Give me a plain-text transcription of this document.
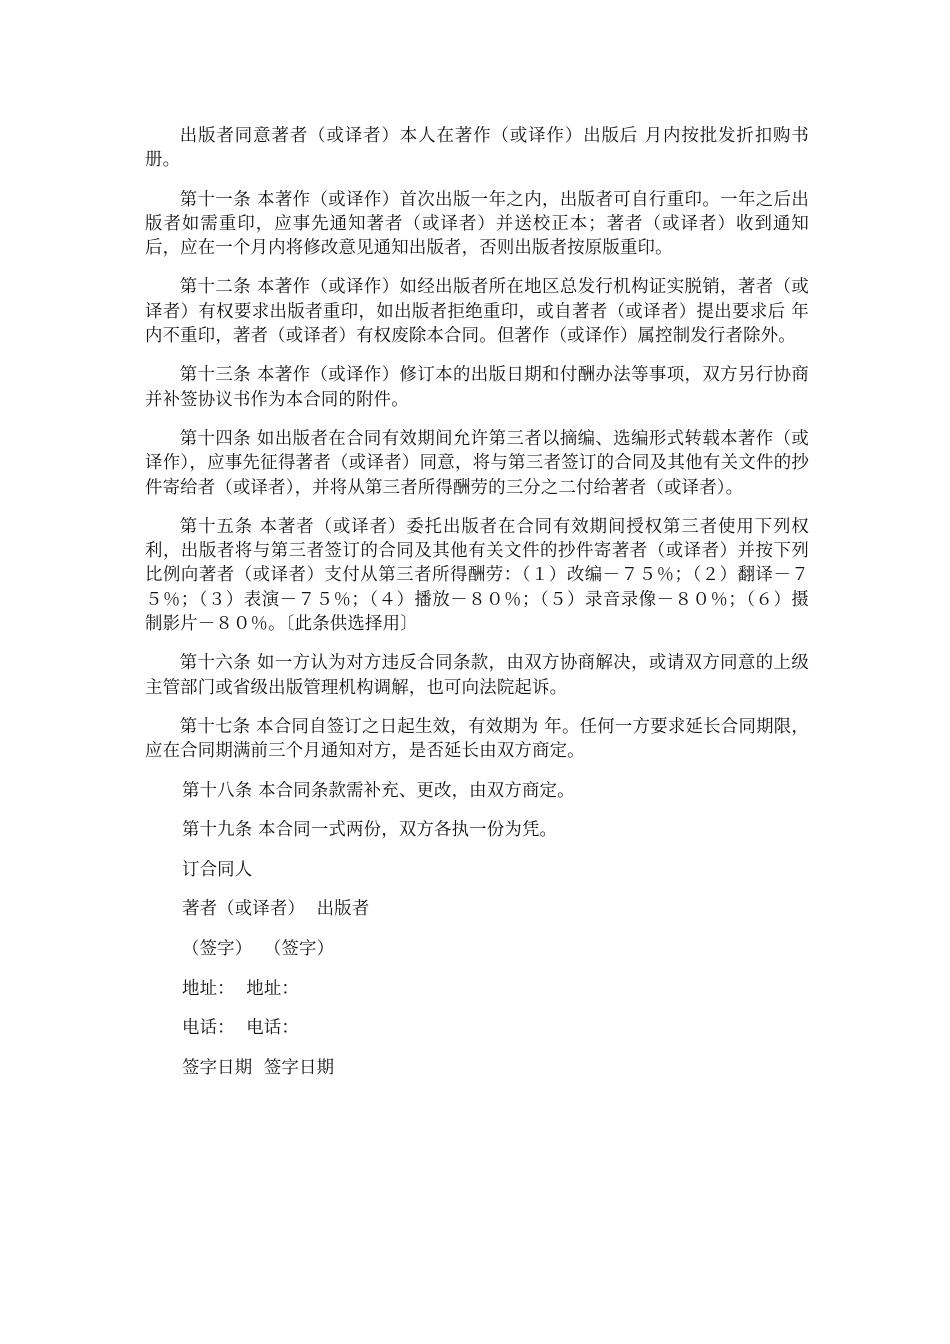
出版者同意著者（或译者）本人在著作（或译作）出版后 月内按批发折扣购书册。

第十一条 本著作（或译作）首次出版一年之内，出版者可自行重印。一年之后出版者如需重印，应事先通知著者（或译者）并送校正本；著者（或译者）收到通知后，应在一个月内将修改意见通知出版者，否则出版者按原版重印。

第十二条 本著作（或译作）如经出版者所在地区总发行机构证实脱销，著者（或译者）有权要求出版者重印，如出版者拒绝重印，或自著者（或译者）提出要求后 年内不重印，著者（或译者）有权废除本合同。但著作（或译作）属控制发行者除外。

第十三条 本著作（或译作）修订本的出版日期和付酬办法等事项，双方另行协商并补签协议书作为本合同的附件。

第十四条 如出版者在合同有效期间允许第三者以摘编、选编形式转载本著作（或译作），应事先征得著者（或译者）同意，将与第三者签订的合同及其他有关文件的抄件寄给者（或译者），并将从第三者所得酬劳的三分之二付给著者（或译者）。

第十五条 本著者（或译者）委托出版者在合同有效期间授权第三者使用下列权利，出版者将与第三者签订的合同及其他有关文件的抄件寄著者（或译者）并按下列比例向著者（或译者）支付从第三者所得酬劳：（１）改编－７５％；（２）翻译－７５％；（３）表演－７５％；（４）播放－８０％；（５）录音录像－８０％；（６）摄制影片－８０％。〔此条供选择用〕

第十六条 如一方认为对方违反合同条款，由双方协商解决，或请双方同意的上级主管部门或省级出版管理机构调解，也可向法院起诉。

第十七条 本合同自签订之日起生效，有效期为 年。任何一方要求延长合同期限，应在合同期满前三个月通知对方，是否延长由双方商定。

第十八条 本合同条款需补充、更改，由双方商定。
第十九条 本合同一式两份，双方各执一份为凭。
订合同人
著者（或译者）  出版者
（签字）  （签字）
地址：  地址：
电话：  电话：
签字日期  签字日期
